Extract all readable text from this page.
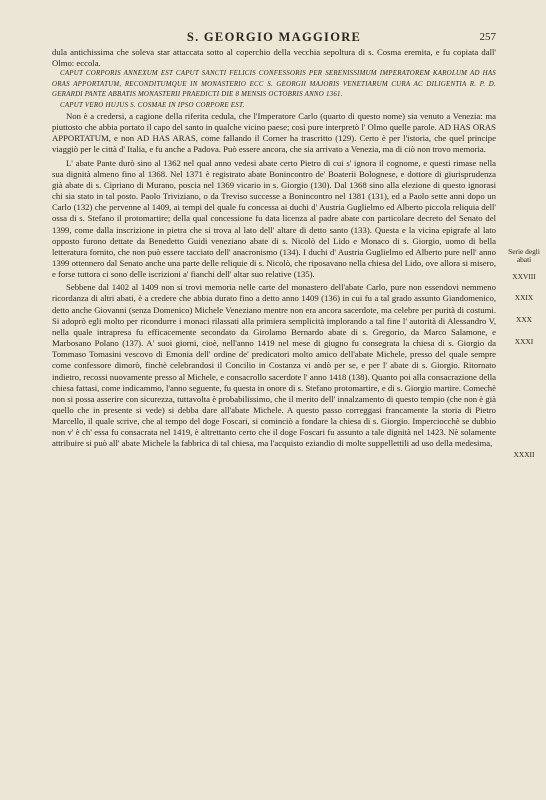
S. GEORGIO MAGGIORE	257

dula antichissima che soleva star attaccata sotto al coperchio della vecchia sepoltura di s. Cosma eremita, e fu copiata dall' Olmo: eccola.

CAPUT CORPORIS ANNEXUM EST CAPUT SANCTI FELICIS CONFESSORIS PER SERENISSIMUM IMPERATOREM KAROLUM AD HAS ORAS APPORTATUM, RECONDITUMQUE IN MONASTERIO ECC S. GEORGII MAJORIS VENETIARUM CURA AC DILIGENTIA R. P. D. GERARDI PANTE ABBATIS MONASTERII PRAEDICTI DIE 8 MENSIS OCTOBRIS ANNO 1361.

CAPUT VERO HUJUS S. COSMAE IN IPSO CORPORE EST.

Non è a credersi, a cagione della riferita cedula, che l'Imperatore Carlo (quarto di questo nome) sia venuto a Venezia: ma piuttosto che abbia portato il capo del santo in qualche vicino paese; così pure interpretò l' Olmo quelle parole. AD HAS ORAS APPORTATUM, e non AD HAS ARAS, come fallando il Corner ha trascritto (129). Certo è per l'istoria, che quel principe viaggiò per le città d' Italia, e fu anche a Padova. Può essere ancora, che sia arrivato a Venezia, ma di ciò non trovo memoria.

L' abate Pante durò sino al 1362 nel qual anno vedesi abate certo Pietro di cui s' ignora il cognome, e questi rimase nella sua dignità almeno fino al 1368. Nel 1371 è registrato abate Bonincontro de' Boaterii Bolognese, e dottore di giurisprudenza già abate di s. Cipriano di Murano, poscia nel 1369 vicario in s. Giorgio (130). Dal 1368 sino alla elezione di questo ignorasi chi sia stato in tal posto. Paolo Triviziano, o da Treviso successe a Bonincontro nel 1381 (131), ed a Paolo sette anni dopo un Carlo (132) che pervenne al 1409, ai tempi del quale fu concessa ai duchi d' Austria Guglielmo ed Alberto piccola reliquia dell' ossa di s. Stefano il protomartire; della qual concessione fu data licenza al padre abate con particolare decreto del Senato del 1399, come dalla inscrizione in pietra che si trova al lato dell' altare di detto santo (133). Questa e la vicina epigrafe al lato opposto furono dettate da Benedetto Guidi veneziano abate di s. Nicolò del Lido e Monaco di s. Giorgio, uomo di bella letteratura fornito, che non può essere tacciato dell' anacronismo (134). I duchi d' Austria Guglielmo ed Alberto pure nell' anno 1399 ottennero dal Senato anche una parte delle reliquie di s. Nicolò, che riposavano nella chiesa del Lido, ove allora si misero, e forse tuttora ci sono delle iscrizioni a' fianchi dell' altar suo relative (135).

Sebbene dal 1402 al 1409 non si trovi memoria nelle carte del monastero dell'abate Carlo, pure non essendovi nemmeno ricordanza di altri abati, è a credere che abbia durato fino a detto anno 1409 (136) in cui fu a tal grado assunto Giandomenico, detto anche Giovanni (senza Domenico) Michele Veneziano mentre non era ancora sacerdote, ma celebre per purità di costumi. Si adoprò egli molto per ricondurre i monaci rilassati alla primiera semplicità implorando a tal fine l' autorità di Alessandro V, nella quale intrapresa fu efficacemente secondato da Girolamo Bernardo abate di s. Gregorio, da Marco Salamone, e Marbosano Polano (137). A' suoi giorni, cioè, nell'anno 1419 nel mese di giugno fu consegrata la chiesa di s. Giorgio da Tommaso Tomasini vescovo di Emonia dell' ordine de' predicatori molto amico dell'abate Michele, presso del quale sempre come confessore dimorò, finchè celebrandosi il Concilio in Costanza vi andò per se, e per l' abate di s. Giorgio. Ritornato indietro, recossi nuovamente presso al Michele, e consacrollo sacerdote l' anno 1418 (138). Quanto poi alla consacrazione della chiesa fattasi, come indicammo, l'anno seguente, fu questa in onore di s. Stefano protomartire, e di s. Giorgio martire. Comechè non si possa asserire con sicurezza, tuttavolta è probabilissimo, che il merito dell' innalzamento di questo tempio (che non è già quello che in presente si vede) si debba dare all'abate Michele. A questo passo correggasi francamente la storia di Pietro Marcello, il quale scrive, che al tempo del doge Foscari, si cominciò a fondare la chiesa di s. Giorgio. Imperciocchè se dubbio non v' è ch' essa fu consacrata nel 1419, è altrettanto certo che il doge Foscari fu assunto a tale dignità nel 1423. Nè solamente attribuire si può all' abate Michele la fabbrica di tal chiesa, ma l'acquisto eziandio di molte suppellettili ad uso della medesima,

Serie degli abati
XXVIII
XXIX
XXX
XXXI
XXXII
